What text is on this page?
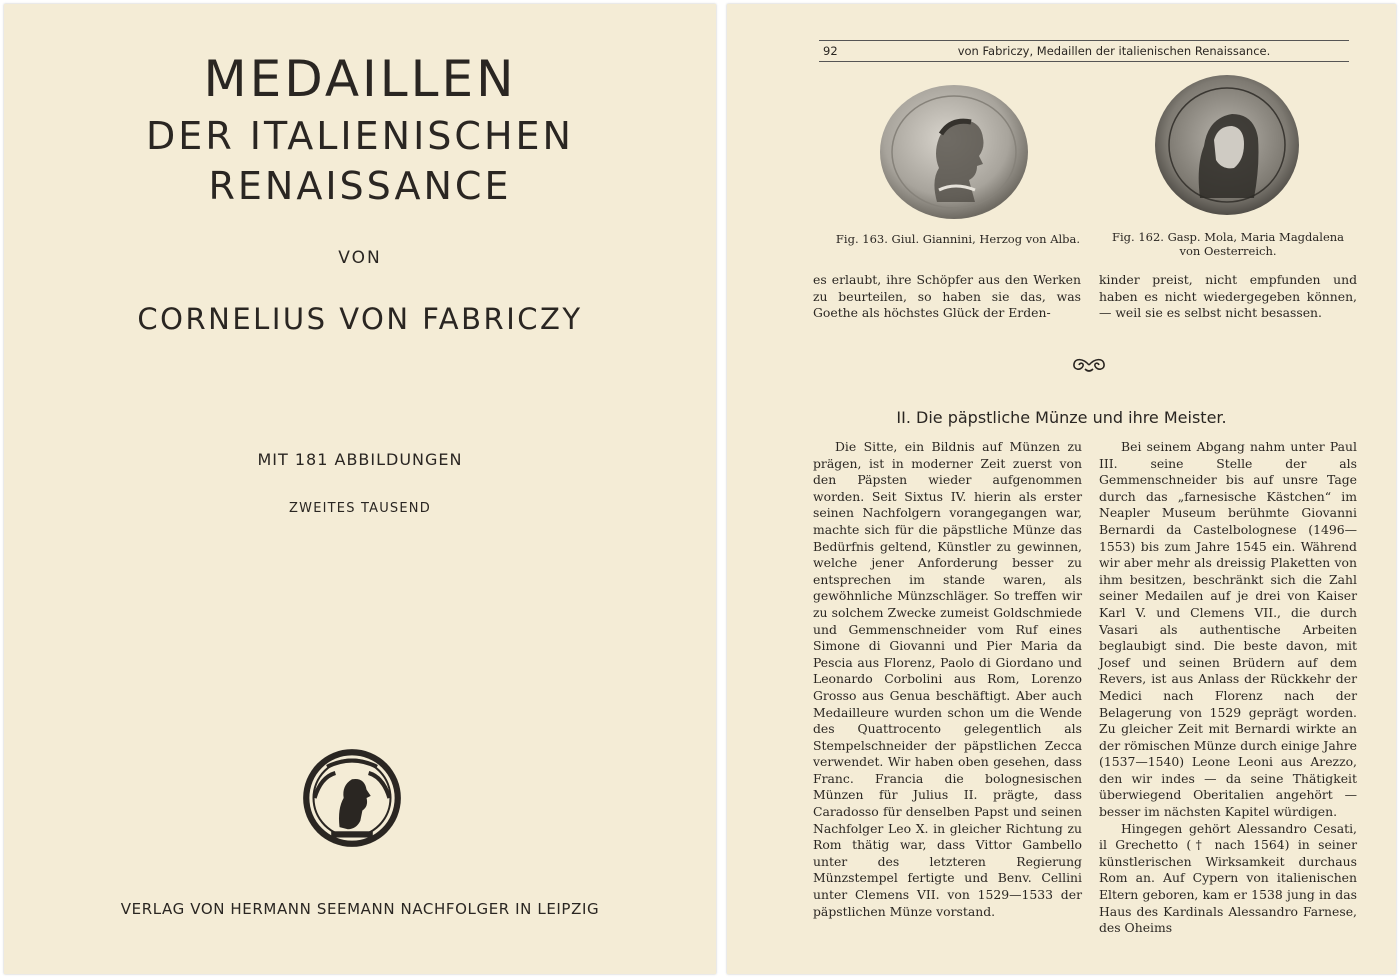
MEDAILLEN
DER ITALIENISCHEN
RENAISSANCE
VON
CORNELIUS VON FABRICZY
MIT 181 ABBILDUNGEN
ZWEITES TAUSEND
VERLAG VON HERMANN SEEMANN NACHFOLGER IN LEIPZIG
92	von Fabriczy, Medaillen der italienischen Renaissance.
Fig. 163. Giul. Giannini, Herzog von Alba.	Fig. 162. Gasp. Mola, Maria Magdalena von Oesterreich.

es erlaubt, ihre Schöpfer aus den Werken zu beurteilen, so haben sie das, was Goethe als höchstes Glück der Erden-

kinder preist, nicht empfunden und haben es nicht wiedergegeben können, — weil sie es selbst nicht besassen.

II. Die päpstliche Münze und ihre Meister.

Die Sitte, ein Bildnis auf Münzen zu prägen, ist in moderner Zeit zuerst von den Päpsten wieder aufgenommen worden. Seit Sixtus IV. hierin als erster seinen Nachfolgern vorangegangen war, machte sich für die päpstliche Münze das Bedürfnis geltend, Künstler zu gewinnen, welche jener Anforderung besser zu entsprechen im stande waren, als gewöhnliche Münzschläger. So treffen wir zu solchem Zwecke zumeist Goldschmiede und Gemmenschneider vom Ruf eines Simone di Giovanni und Pier Maria da Pescia aus Florenz, Paolo di Giordano und Leonardo Corbolini aus Rom, Lorenzo Grosso aus Genua beschäftigt. Aber auch Medailleure wurden schon um die Wende des Quattrocento gelegentlich als Stempelschneider der päpstlichen Zecca verwendet. Wir haben oben gesehen, dass Franc. Francia die bolognesischen Münzen für Julius II. prägte, dass Caradosso für denselben Papst und seinen Nachfolger Leo X. in gleicher Richtung zu Rom thätig war, dass Vittor Gambello unter des letzteren Regierung Münzstempel fertigte und Benv. Cellini unter Clemens VII. von 1529—1533 der päpstlichen Münze vorstand.

Bei seinem Abgang nahm unter Paul III. seine Stelle der als Gemmenschneider bis auf unsre Tage durch das „farnesische Kästchen“ im Neapler Museum berühmte Giovanni Bernardi da Castelbolognese (1496—1553) bis zum Jahre 1545 ein. Während wir aber mehr als dreissig Plaketten von ihm besitzen, beschränkt sich die Zahl seiner Medailen auf je drei von Kaiser Karl V. und Clemens VII., die durch Vasari als authentische Arbeiten beglaubigt sind. Die beste davon, mit Josef und seinen Brüdern auf dem Revers, ist aus Anlass der Rückkehr der Medici nach Florenz nach der Belagerung von 1529 geprägt worden. Zu gleicher Zeit mit Bernardi wirkte an der römischen Münze durch einige Jahre (1537—1540) Leone Leoni aus Arezzo, den wir indes — da seine Thätigkeit überwiegend Oberitalien angehört — besser im nächsten Kapitel würdigen.

Hingegen gehört Alessandro Cesati, il Grechetto († nach 1564) in seiner künstlerischen Wirksamkeit durchaus Rom an. Auf Cypern von italienischen Eltern geboren, kam er 1538 jung in das Haus des Kardinals Alessandro Farnese, des Oheims
